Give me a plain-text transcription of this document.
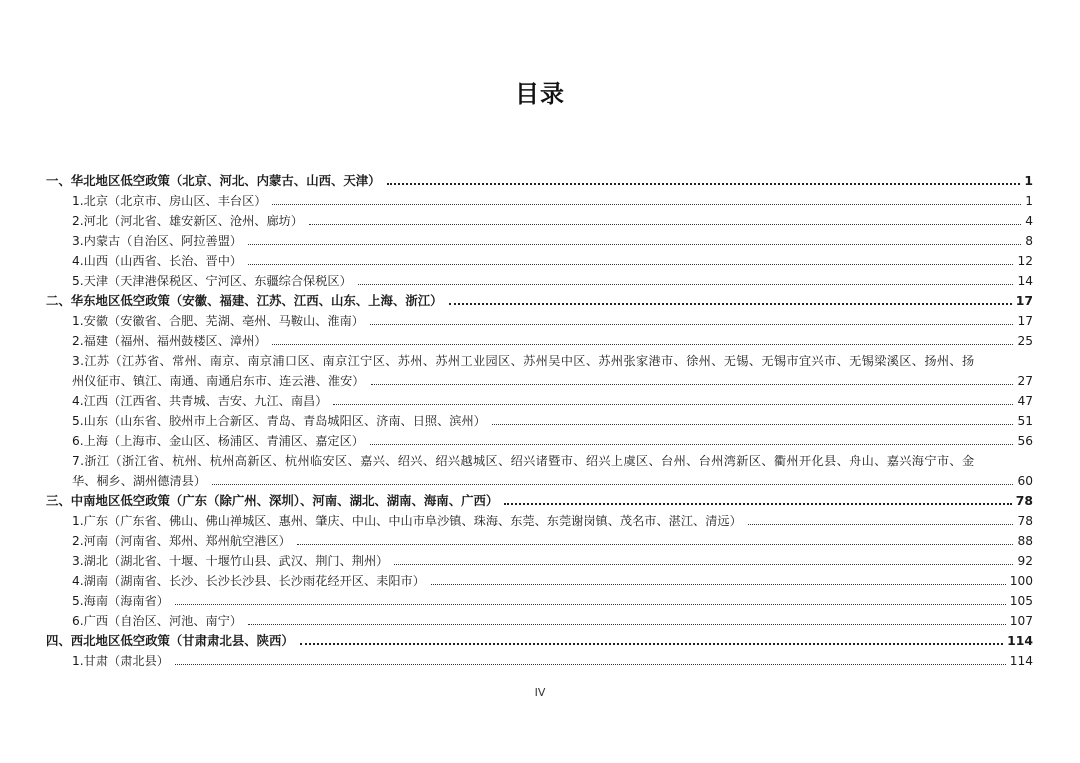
目录
一、华北地区低空政策（北京、河北、内蒙古、山西、天津）	1
1.北京（北京市、房山区、丰台区）	1
2.河北（河北省、雄安新区、沧州、廊坊）	4
3.内蒙古（自治区、阿拉善盟）	8
4.山西（山西省、长治、晋中）	12
5.天津（天津港保税区、宁河区、东疆综合保税区）	14
二、华东地区低空政策（安徽、福建、江苏、江西、山东、上海、浙江）	17
1.安徽（安徽省、合肥、芜湖、亳州、马鞍山、淮南）	17
2.福建（福州、福州鼓楼区、漳州）	25
3.江苏（江苏省、常州、南京、南京浦口区、南京江宁区、苏州、苏州工业园区、苏州吴中区、苏州张家港市、徐州、无锡、无锡市宜兴市、无锡梁溪区、扬州、扬
州仪征市、镇江、南通、南通启东市、连云港、淮安）	27
4.江西（江西省、共青城、吉安、九江、南昌）	47
5.山东（山东省、胶州市上合新区、青岛、青岛城阳区、济南、日照、滨州）	51
6.上海（上海市、金山区、杨浦区、青浦区、嘉定区）	56
7.浙江（浙江省、杭州、杭州高新区、杭州临安区、嘉兴、绍兴、绍兴越城区、绍兴诸暨市、绍兴上虞区、台州、台州湾新区、衢州开化县、舟山、嘉兴海宁市、金
华、桐乡、湖州德清县）	60
三、中南地区低空政策（广东（除广州、深圳）、河南、湖北、湖南、海南、广西）	78
1.广东（广东省、佛山、佛山禅城区、惠州、肇庆、中山、中山市阜沙镇、珠海、东莞、东莞谢岗镇、茂名市、湛江、清远）	78
2.河南（河南省、郑州、郑州航空港区）	88
3.湖北（湖北省、十堰、十堰竹山县、武汉、荆门、荆州）	92
4.湖南（湖南省、长沙、长沙长沙县、长沙雨花经开区、耒阳市）	100
5.海南（海南省）	105
6.广西（自治区、河池、南宁）	107
四、西北地区低空政策（甘肃肃北县、陕西）	114
1.甘肃（肃北县）	114
IV
